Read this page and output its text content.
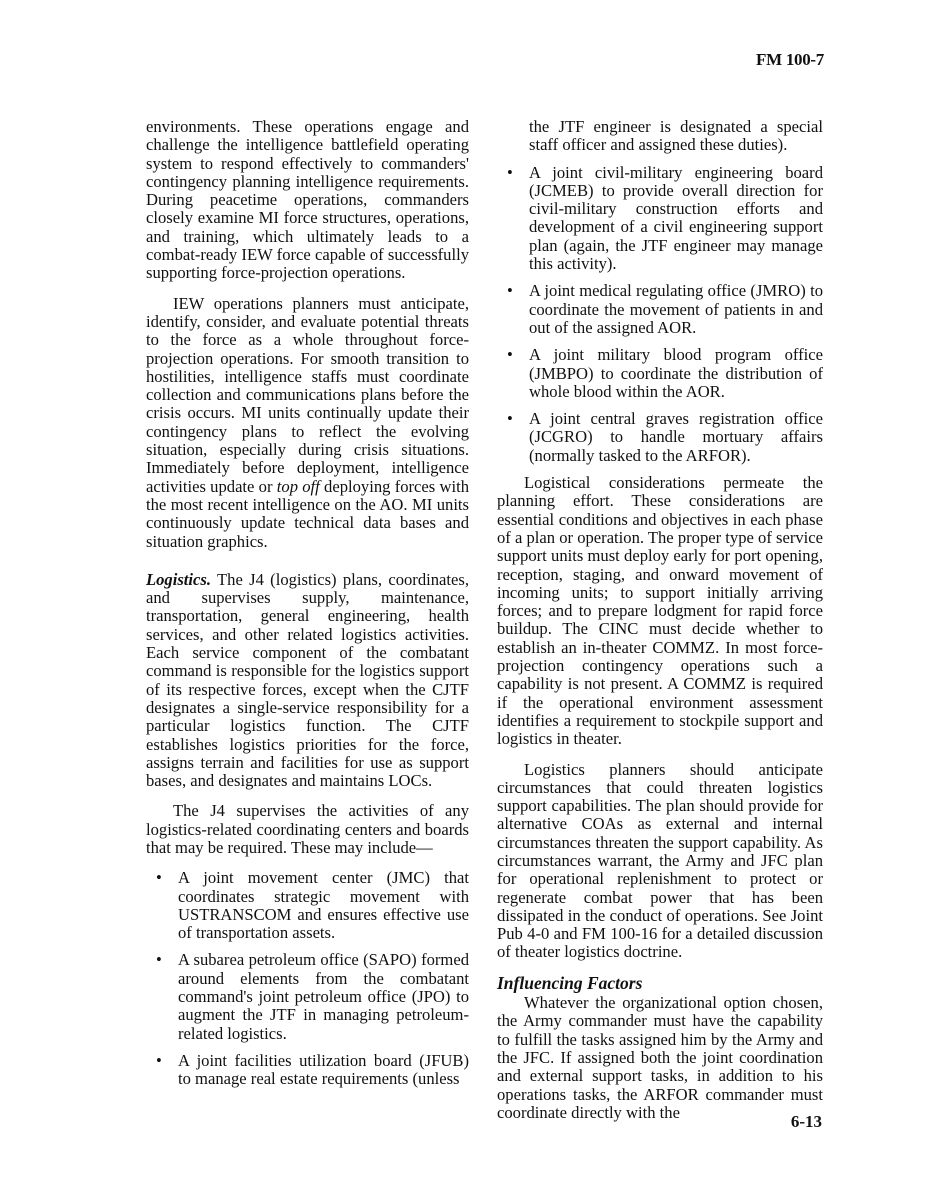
FM 100-7

environments. These operations engage and challenge the intelligence battlefield operating system to respond effectively to commanders' contingency planning intelligence requirements. During peacetime operations, commanders closely examine MI force structures, operations, and training, which ultimately leads to a combat-ready IEW force capable of successfully supporting force-projection operations.

IEW operations planners must anticipate, identify, consider, and evaluate potential threats to the force as a whole throughout force-projection operations. For smooth transition to hostilities, intelligence staffs must coordinate collection and communications plans before the crisis occurs. MI units continually update their contingency plans to reflect the evolving situation, especially during crisis situations. Immediately before deployment, intelligence activities update or top off deploying forces with the most recent intelligence on the AO. MI units continuously update technical data bases and situation graphics.

Logistics. The J4 (logistics) plans, coordinates, and supervises supply, maintenance, transportation, general engineering, health services, and other related logistics activities. Each service component of the combatant command is responsible for the logistics support of its respective forces, except when the CJTF designates a single-service responsibility for a particular logistics function. The CJTF establishes logistics priorities for the force, assigns terrain and facilities for use as support bases, and designates and maintains LOCs.

The J4 supervises the activities of any logistics-related coordinating centers and boards that may be required. These may include—

• A joint movement center (JMC) that coordinates strategic movement with USTRANSCOM and ensures effective use of transportation assets.
• A subarea petroleum office (SAPO) formed around elements from the combatant command's joint petroleum office (JPO) to augment the JTF in managing petroleum-related logistics.
• A joint facilities utilization board (JFUB) to manage real estate requirements (unless
the JTF engineer is designated a special staff officer and assigned these duties).
• A joint civil-military engineering board (JCMEB) to provide overall direction for civil-military construction efforts and development of a civil engineering support plan (again, the JTF engineer may manage this activity).
• A joint medical regulating office (JMRO) to coordinate the movement of patients in and out of the assigned AOR.
• A joint military blood program office (JMBPO) to coordinate the distribution of whole blood within the AOR.
• A joint central graves registration office (JCGRO) to handle mortuary affairs (normally tasked to the ARFOR).

Logistical considerations permeate the planning effort. These considerations are essential conditions and objectives in each phase of a plan or operation. The proper type of service support units must deploy early for port opening, reception, staging, and onward movement of incoming units; to support initially arriving forces; and to prepare lodgment for rapid force buildup. The CINC must decide whether to establish an in-theater COMMZ. In most force-projection contingency operations such a capability is not present. A COMMZ is required if the operational environment assessment identifies a requirement to stockpile support and logistics in theater.

Logistics planners should anticipate circumstances that could threaten logistics support capabilities. The plan should provide for alternative COAs as external and internal circumstances threaten the support capability. As circumstances warrant, the Army and JFC plan for operational replenishment to protect or regenerate combat power that has been dissipated in the conduct of operations. See Joint Pub 4-0 and FM 100-16 for a detailed discussion of theater logistics doctrine.

Influencing Factors

Whatever the organizational option chosen, the Army commander must have the capability to fulfill the tasks assigned him by the Army and the JFC. If assigned both the joint coordination and external support tasks, in addition to his operations tasks, the ARFOR commander must coordinate directly with the	6-13
